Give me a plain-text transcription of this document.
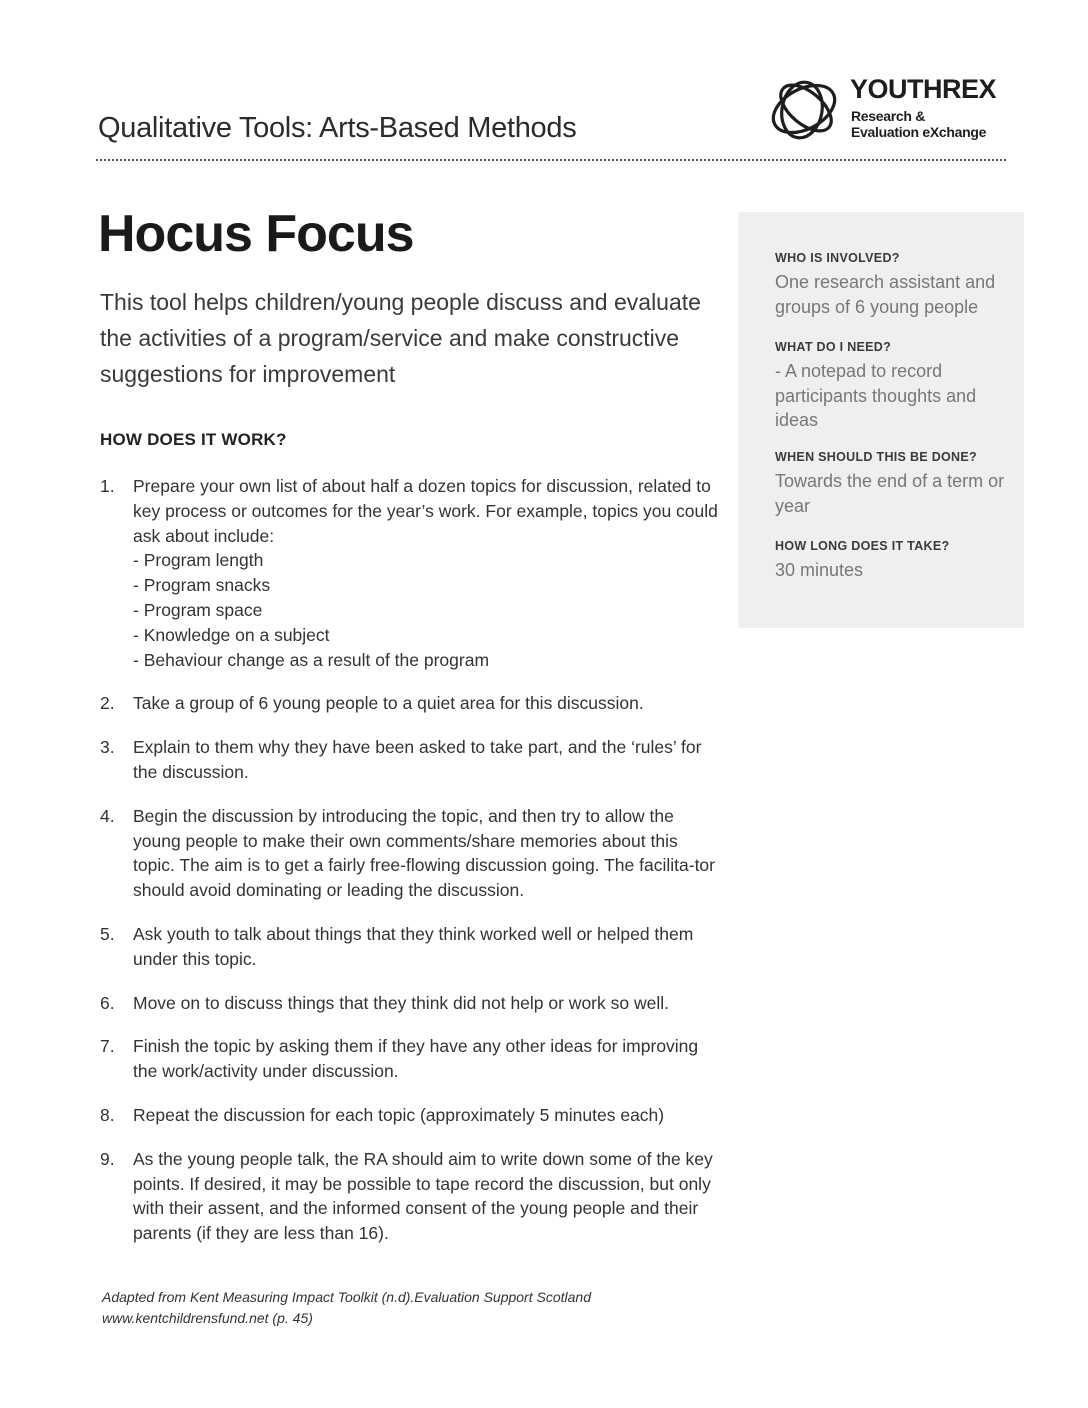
Qualitative Tools: Arts-Based Methods
YOUTHREX
Research &
Evaluation eXchange
Hocus Focus
This tool helps children/young people discuss and evaluate the activities of a program/service and make constructive suggestions for improvement
HOW DOES IT WORK?
1. Prepare your own list of about half a dozen topics for discussion, related to key process or outcomes for the year’s work. For example, topics you could ask about include:
- Program length
- Program snacks
- Program space
- Knowledge on a subject
- Behaviour change as a result of the program
2. Take a group of 6 young people to a quiet area for this discussion.
3. Explain to them why they have been asked to take part, and the ‘rules’ for the discussion.
4. Begin the discussion by introducing the topic, and then try to allow the young people to make their own comments/share memories about this topic. The aim is to get a fairly free-flowing discussion going. The facilita-tor should avoid dominating or leading the discussion.
5. Ask youth to talk about things that they think worked well or helped them under this topic.
6. Move on to discuss things that they think did not help or work so well.
7. Finish the topic by asking them if they have any other ideas for improving the work/activity under discussion.
8. Repeat the discussion for each topic (approximately 5 minutes each)
9. As the young people talk, the RA should aim to write down some of the key points. If desired, it may be possible to tape record the discussion, but only with their assent, and the informed consent of the young people and their parents (if they are less than 16).
Adapted from Kent Measuring Impact Toolkit (n.d).Evaluation Support Scotland
www.kentchildrensfund.net (p. 45)
WHO IS INVOLVED?
One research assistant and groups of 6 young people
WHAT DO I NEED?
- A notepad to record participants thoughts and ideas
WHEN SHOULD THIS BE DONE?
Towards the end of a term or year
HOW LONG DOES IT TAKE?
30 minutes
